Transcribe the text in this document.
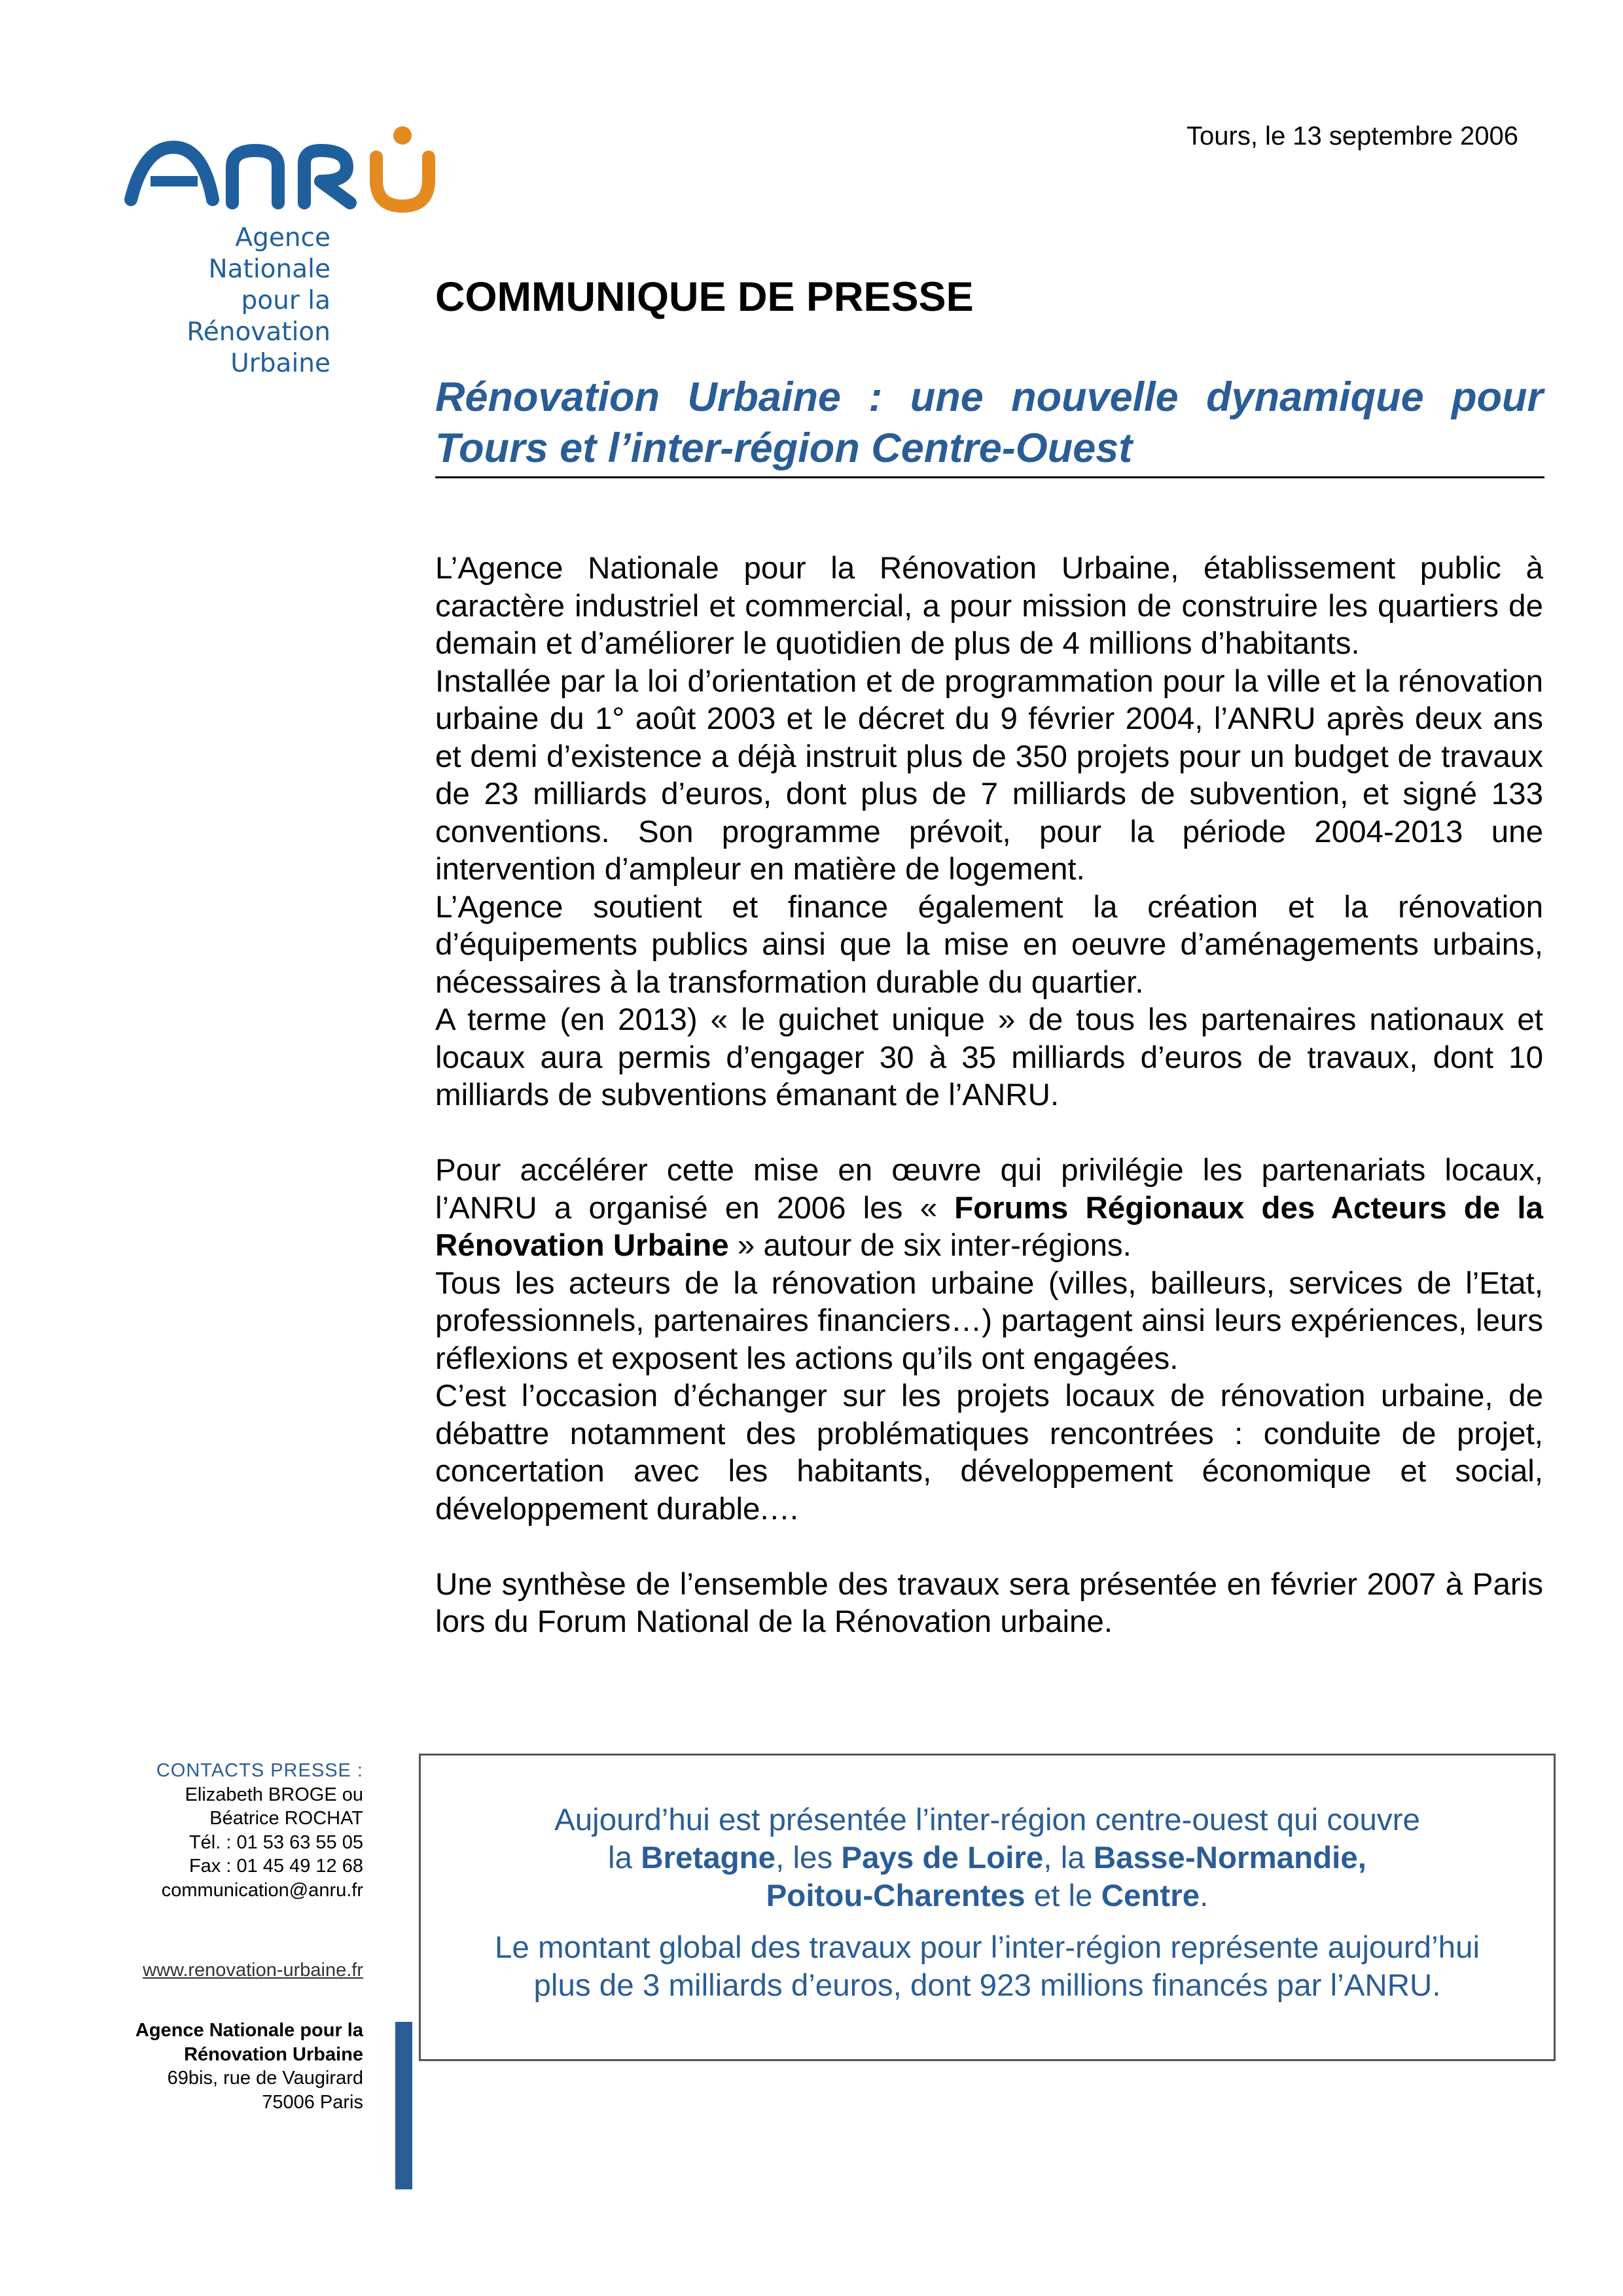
Agence Nationale
pour la Rénovation
Urbaine
Tours, le 13 septembre 2006
COMMUNIQUE DE PRESSE
Rénovation Urbaine : une nouvelle dynamique pour
Tours et l’inter-région Centre-Ouest

L’Agence Nationale pour la Rénovation Urbaine, établissement public à caractère industriel et commercial, a pour mission de construire les quartiers de demain et d’améliorer le quotidien de plus de 4 millions d’habitants.

Installée par la loi d’orientation et de programmation pour la ville et la rénovation urbaine du 1° août 2003 et le décret du 9 février 2004, l’ANRU après deux ans et demi d’existence a déjà instruit plus de 350 projets pour un budget de travaux de 23 milliards d’euros, dont plus de 7 milliards de subvention, et signé 133 conventions. Son programme prévoit, pour la période 2004-2013 une intervention d’ampleur en matière de logement.

L’Agence soutient et finance également la création et la rénovation d’équipements publics ainsi que la mise en oeuvre d’aménagements urbains, nécessaires à la transformation durable du quartier.

A terme (en 2013) « le guichet unique » de tous les partenaires nationaux et locaux aura permis d’engager 30 à 35 milliards d’euros de travaux, dont 10 milliards de subventions émanant de l’ANRU.

Pour accélérer cette mise en œuvre qui privilégie les partenariats locaux, l’ANRU a organisé en 2006 les « Forums Régionaux des Acteurs de la Rénovation Urbaine » autour de six inter-régions.

Tous les acteurs de la rénovation urbaine (villes, bailleurs, services de l’Etat, professionnels, partenaires financiers…) partagent ainsi leurs expériences, leurs réflexions et exposent les actions qu’ils ont engagées.

C’est l’occasion d’échanger sur les projets locaux de rénovation urbaine, de débattre notamment des problématiques rencontrées : conduite de projet, concertation avec les habitants, développement économique et social, développement durable.…

Une synthèse de l’ensemble des travaux sera présentée en février 2007 à Paris lors du Forum National de la Rénovation urbaine.

CONTACTS PRESSE :
Elizabeth BROGE ou
Béatrice ROCHAT
Tél. : 01 53 63 55 05
Fax : 01 45 49 12 68
communication@anru.fr
www.renovation-urbaine.fr
Agence Nationale pour la
Rénovation Urbaine
69bis, rue de Vaugirard
75006 Paris
Aujourd’hui est présentée l’inter-région centre-ouest qui couvre
la Bretagne, les Pays de Loire, la Basse-Normandie,
Poitou-Charentes et le Centre.
Le montant global des travaux pour l’inter-région représente aujourd’hui
plus de 3 milliards d’euros, dont 923 millions financés par l’ANRU.
